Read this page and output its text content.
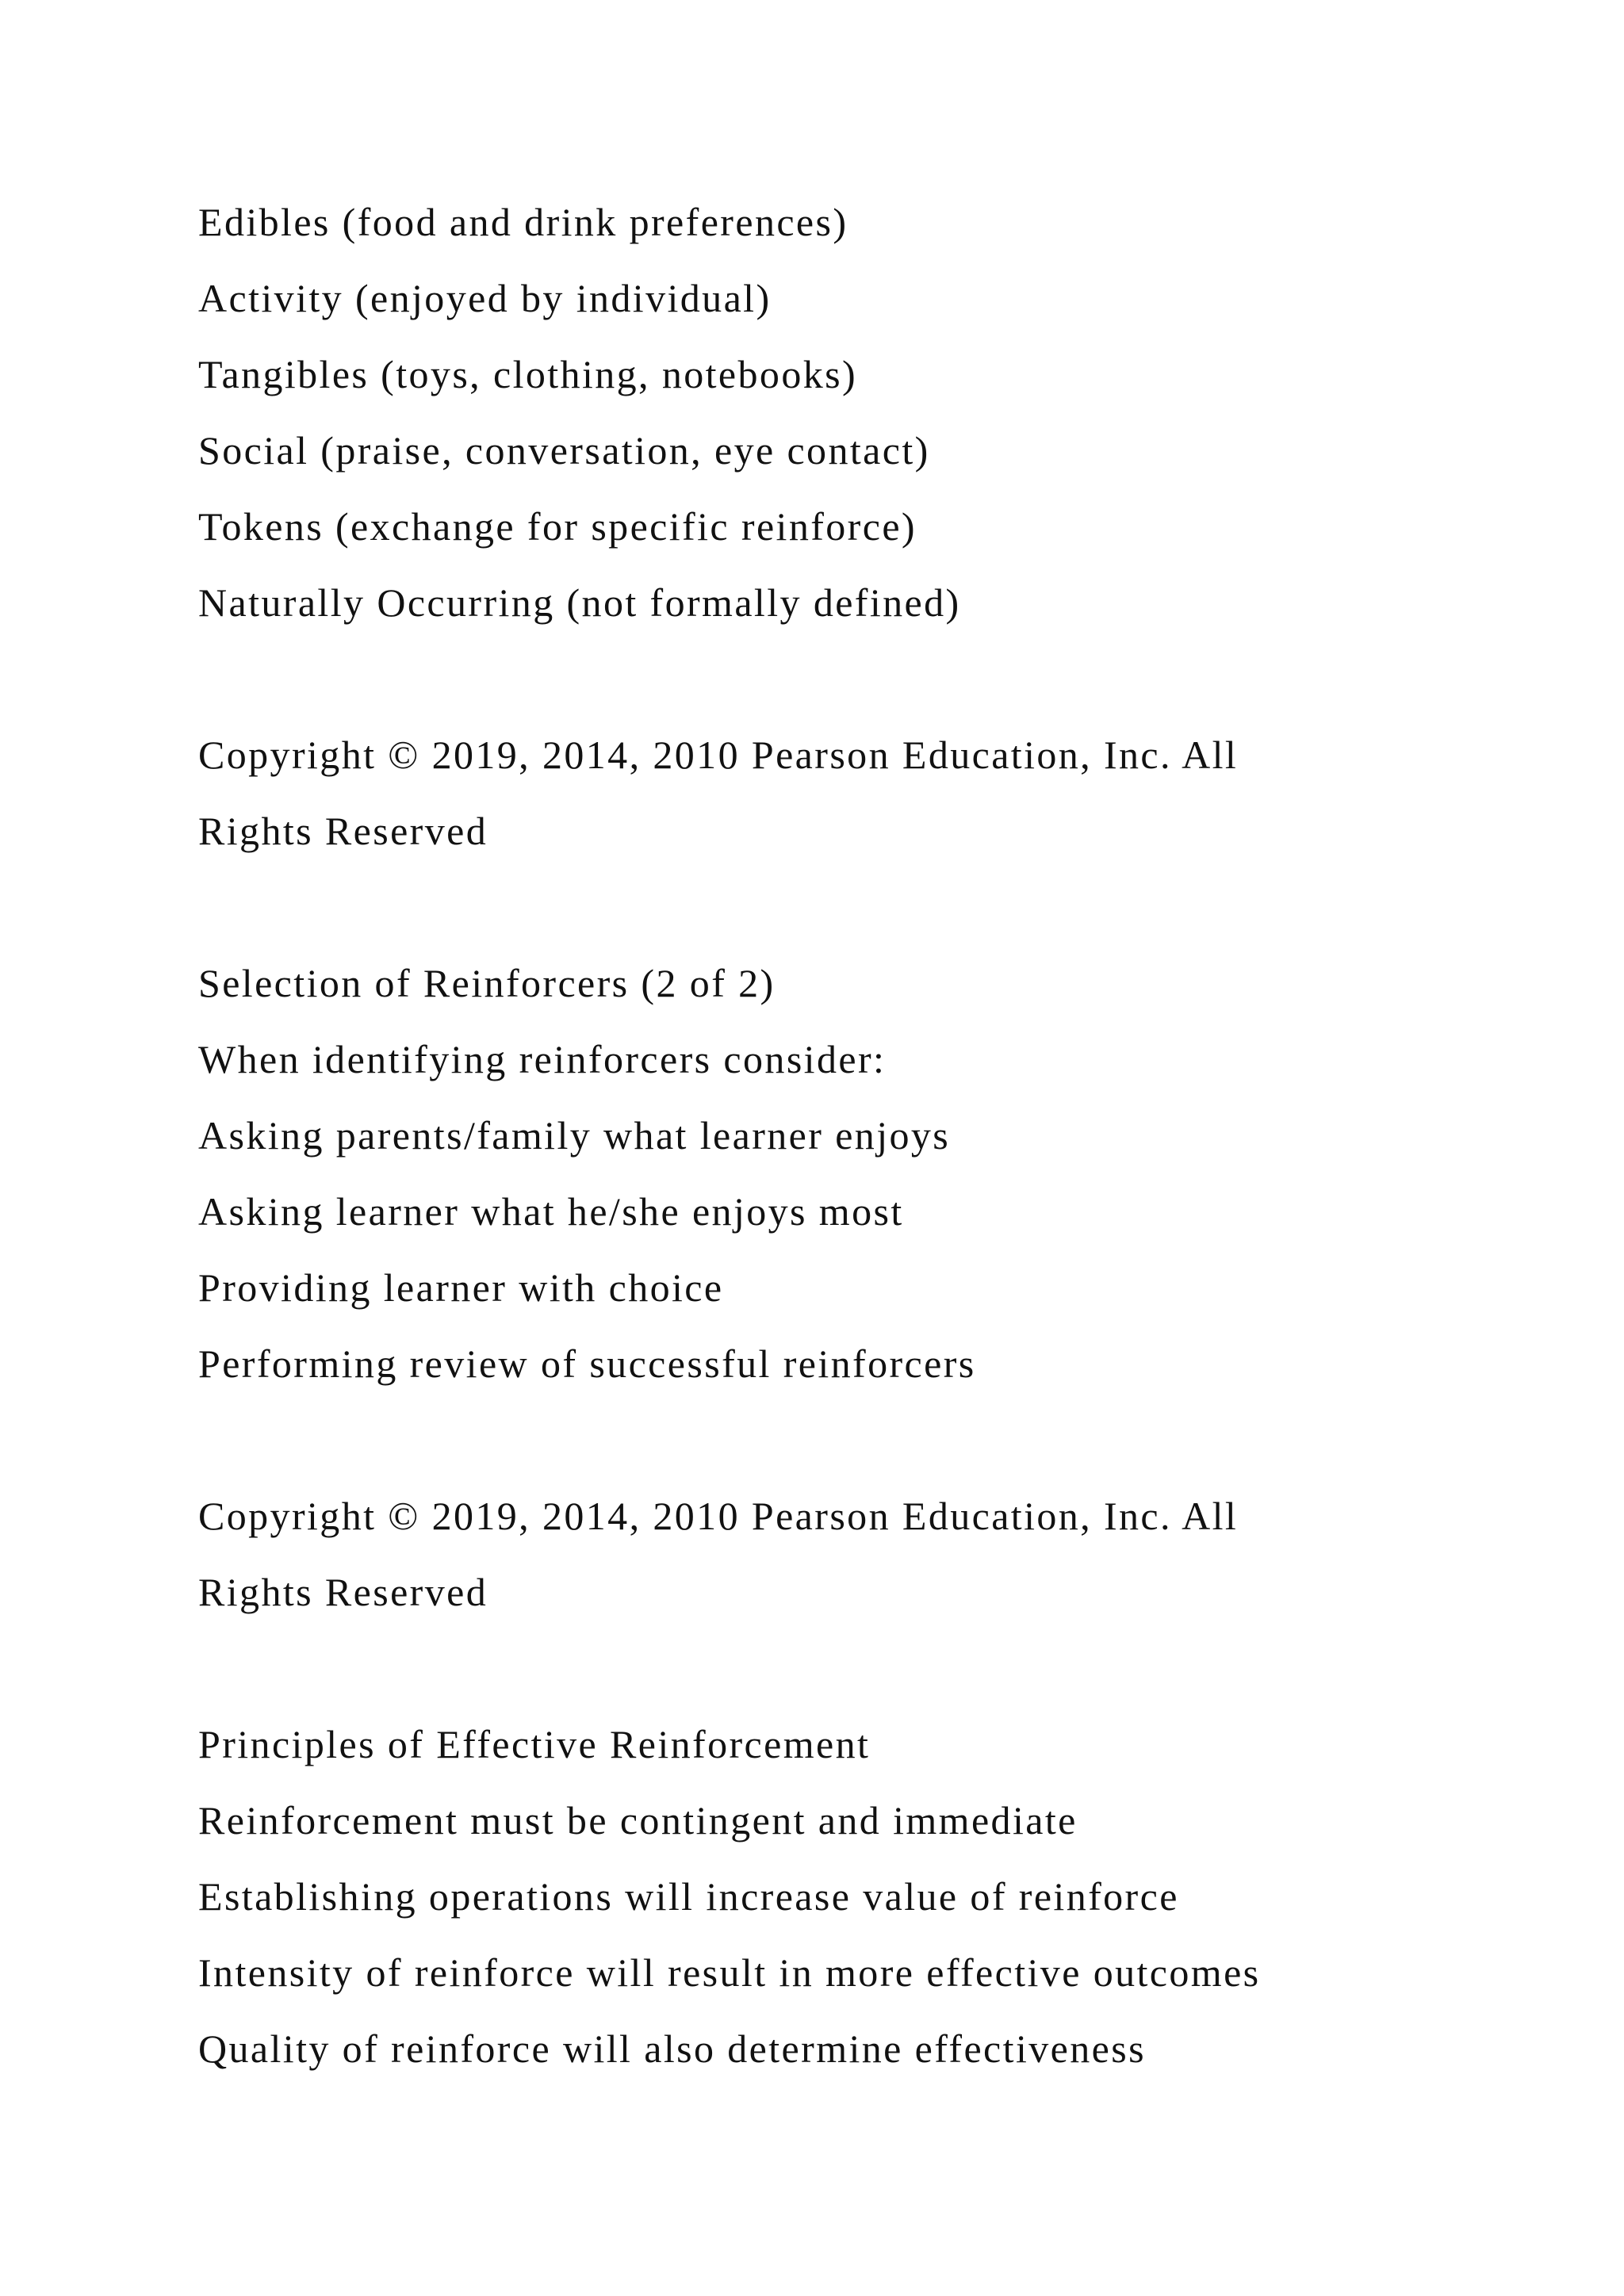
Edibles (food and drink preferences)
Activity (enjoyed by individual)
Tangibles (toys, clothing, notebooks)
Social (praise, conversation, eye contact)
Tokens (exchange for specific reinforce)
Naturally Occurring (not formally defined)
Copyright © 2019, 2014, 2010 Pearson Education, Inc. All
Rights Reserved
Selection of Reinforcers (2 of 2)
When identifying reinforcers consider:
Asking parents/family what learner enjoys
Asking learner what he/she enjoys most
Providing learner with choice
Performing review of successful reinforcers
Copyright © 2019, 2014, 2010 Pearson Education, Inc. All
Rights Reserved
Principles of Effective Reinforcement
Reinforcement must be contingent and immediate
Establishing operations will increase value of reinforce
Intensity of reinforce will result in more effective outcomes
Quality of reinforce will also determine effectiveness
